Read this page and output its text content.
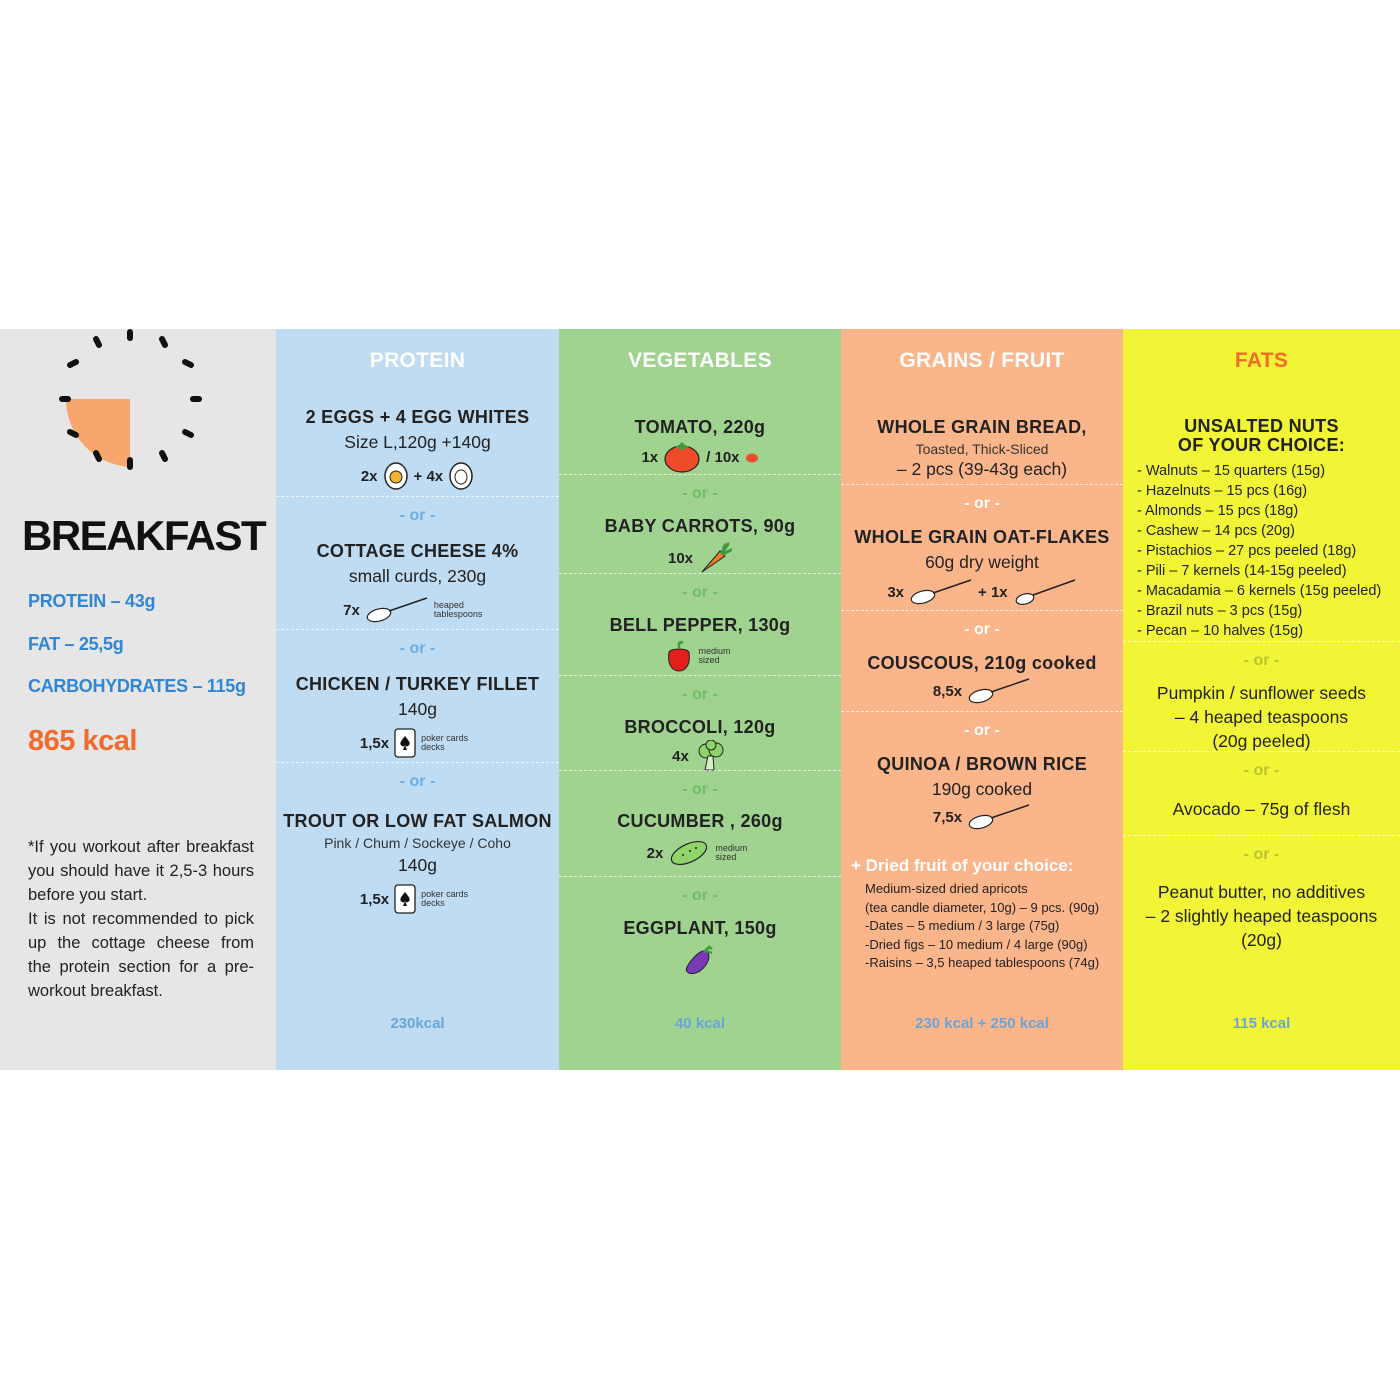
BREAKFAST
PROTEIN – 43g
FAT – 25,5g
CARBOHYDRATES – 115g
865 kcal

*If you workout after breakfast you should have it 2,5-3 hours before you start.

It is not recommended to pick up the cottage cheese from the protein section for a pre-workout breakfast.

PROTEIN
2 EGGS + 4 EGG WHITES
Size L,120g +140g
2x + 4x
- or -
COTTAGE CHEESE 4%
small curds, 230g
7x	heaped tablespoons
- or -
CHICKEN / TURKEY FILLET
140g
1,5x	poker cards decks
- or -
TROUT OR LOW FAT SALMON
Pink / Chum / Sockeye / Coho
140g
1,5x	poker cards decks
230kcal
VEGETABLES
TOMATO, 220g
1x	/ 10x
- or -
BABY CARROTS, 90g
10x
- or -
BELL PEPPER, 130g
medium sized
- or -
BROCCOLI, 120g
4x
- or -
CUCUMBER , 260g
2x	medium sized
- or -
EGGPLANT, 150g
40 kcal
GRAINS / FRUIT
WHOLE GRAIN BREAD,
Toasted, Thick-Sliced
– 2 pcs (39-43g each)
- or -
WHOLE GRAIN OAT-FLAKES
60g dry weight
3x	+ 1x
- or -
COUSCOUS, 210g cooked
8,5x
- or -
QUINOA / BROWN RICE
190g cooked
7,5x
+ Dried fruit of your choice:
Medium-sized dried apricots
(tea candle diameter, 10g) – 9 pcs. (90g)
-Dates – 5 medium / 3 large (75g)
-Dried figs – 10 medium / 4 large (90g)
-Raisins – 3,5 heaped tablespoons (74g)
230 kcal + 250 kcal
FATS
UNSALTED NUTS
OF YOUR CHOICE:
- Walnuts – 15 quarters (15g)
- Hazelnuts – 15 pcs (16g)
- Almonds – 15 pcs (18g)
- Cashew – 14 pcs (20g)
- Pistachios – 27 pcs peeled (18g)
- Pili – 7 kernels (14-15g peeled)
- Macadamia – 6 kernels (15g peeled)
- Brazil nuts – 3 pcs (15g)
- Pecan – 10 halves (15g)
- or -
Pumpkin / sunflower seeds
– 4 heaped teaspoons
(20g peeled)
- or -
Avocado – 75g of flesh
- or -
Peanut butter, no additives
– 2 slightly heaped teaspoons
(20g)
115 kcal
